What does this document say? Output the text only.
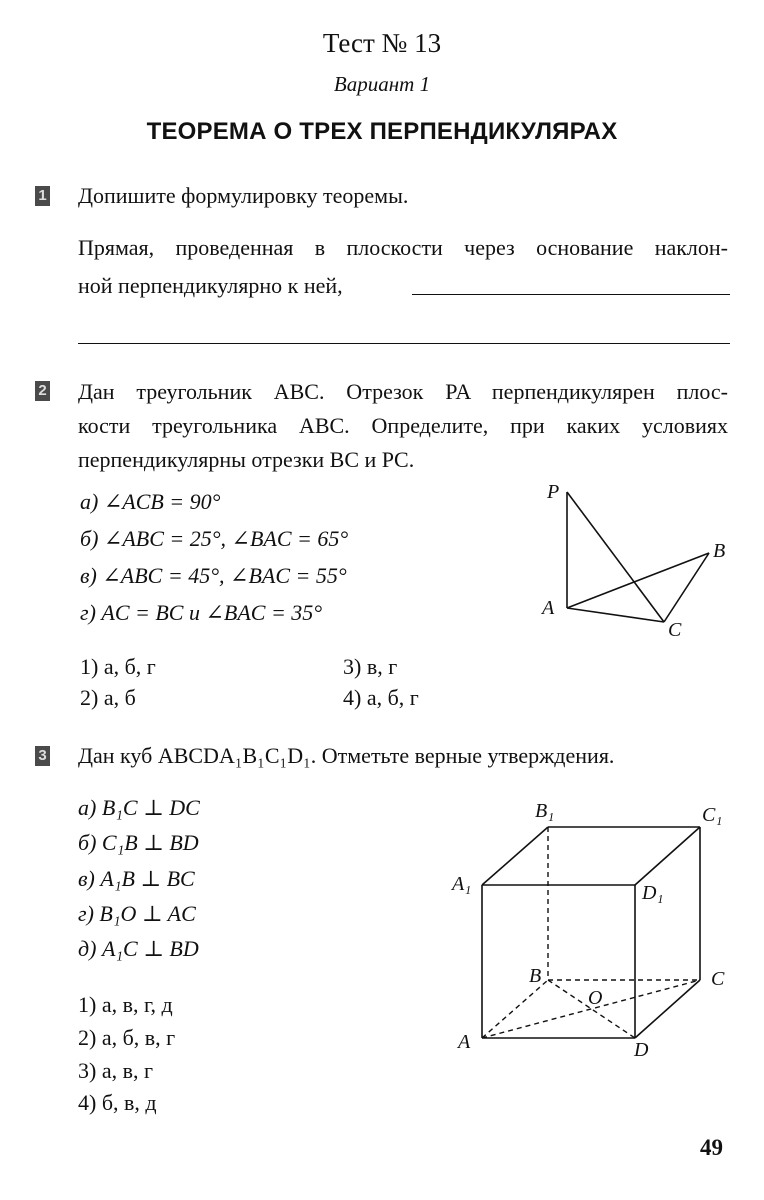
Тест № 13
Вариант 1
ТЕОРЕМА О ТРЕХ ПЕРПЕНДИКУЛЯРАХ
1 Допишите формулировку теоремы.
Прямая, проведенная в плоскости через основание наклон-
ной перпендикулярно к ней,
2 Дан треугольник ABC. Отрезок PA перпендикулярен плос-
кости треугольника ABC. Определите, при каких условиях
перпендикулярны отрезки BC и PC.
а) ∠ACB = 90°
б) ∠ABC = 25°, ∠BAC = 65°
в) ∠ABC = 45°, ∠BAC = 55°
г) AC = BC и ∠BAC = 35°
1) а, б, г	3) в, г
2) а, б	4) а, б, г
P
A
B
C
3 Дан куб ABCDA₁B₁C₁D₁. Отметьте верные утверждения.
а) B₁C ⊥ DC
б) C₁B ⊥ BD
в) A₁B ⊥ BC
г) B₁O ⊥ AC
д) A₁C ⊥ BD
1) а, в, г, д
2) а, б, в, г
3) а, в, г
4) б, в, д
B₁	C₁
A₁	D₁
B	C
O
A	D
49
